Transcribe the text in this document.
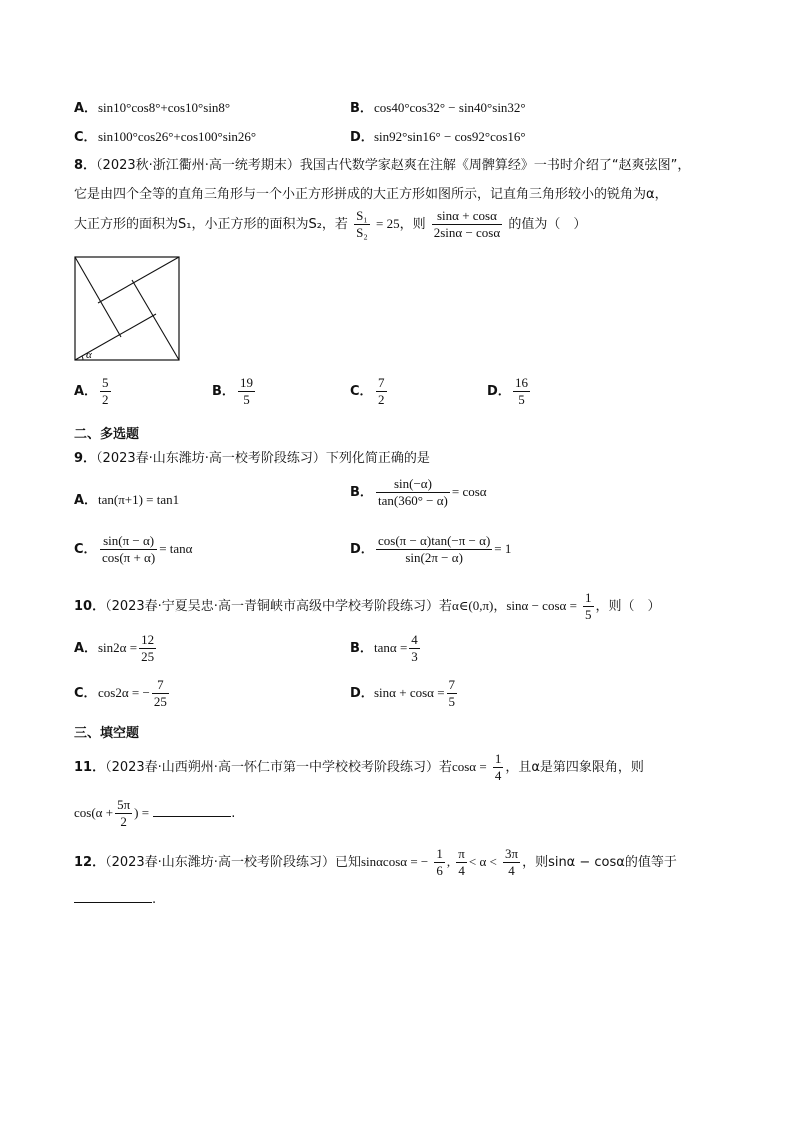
A．sin10°cos8°+cos10°sin8°	B．cos40°cos32° − sin40°sin32°
C．sin100°cos26°+cos100°sin26°	D．sin92°sin16° − cos92°cos16°
8．（2023秋·浙江衢州·高一统考期末）我国古代数学家赵爽在注解《周髀算经》一书时介绍了“赵爽弦图”，
它是由四个全等的直角三角形与一个小正方形拼成的大正方形如图所示，记直角三角形较小的锐角为α，
大正方形的面积为S₁，小正方形的面积为S₂，若 $\frac{\text{S₁}}{\text{S₂}} = 25$，则 $\frac{\sin\alpha + \cos\alpha}{2\sin\alpha - \cos\alpha}$ 的值为（　）
α
A． $\frac{5}{2}$	B． $\frac{19}{5}$	C． $\frac{7}{2}$	D． $\frac{16}{5}$
二、多选题
9．（2023春·山东潍坊·高一校考阶段练习）下列化简正确的是
A．tan(π+1) = tan1	B． $\frac{\sin(-\alpha)}{\tan(360^\circ - \alpha)} = \cos\alpha$
C． $\frac{\sin(\pi - \alpha)}{\cos(\pi + \alpha)} = \tan\alpha$	D． $\frac{\cos(\pi - \alpha)\tan(-\pi - \alpha)}{\sin(2\pi - \alpha)} = 1$
10．（2023春·宁夏吴忠·高一青铜峡市高级中学校考阶段练习）若α∈(0,π)，$\sin\alpha - \cos\alpha = \frac{1}{5}$ ，则（　）
A．$\sin 2\alpha = \frac{12}{25}$	B．$\tan\alpha = \frac{4}{3}$
C．cos2α = − $\frac{7}{25}$	D．$\sin\alpha + \cos\alpha = \frac{7}{5}$
三、填空题
11．（2023春·山西朔州·高一怀仁市第一中学校校考阶段练习）若$\cos\alpha = \frac{1}{4}$ ，且α是第四象限角，则
$\cos(\alpha + \frac{5\pi}{2}$ ) =	.
12．（2023春·山东潍坊·高一校考阶段练习）已知sinαcosα = − $\frac{1}{6}$ , $\frac{\pi}{4} < \alpha < \frac{3\pi}{4}$ ，则sinα − cosα的值等于
.
